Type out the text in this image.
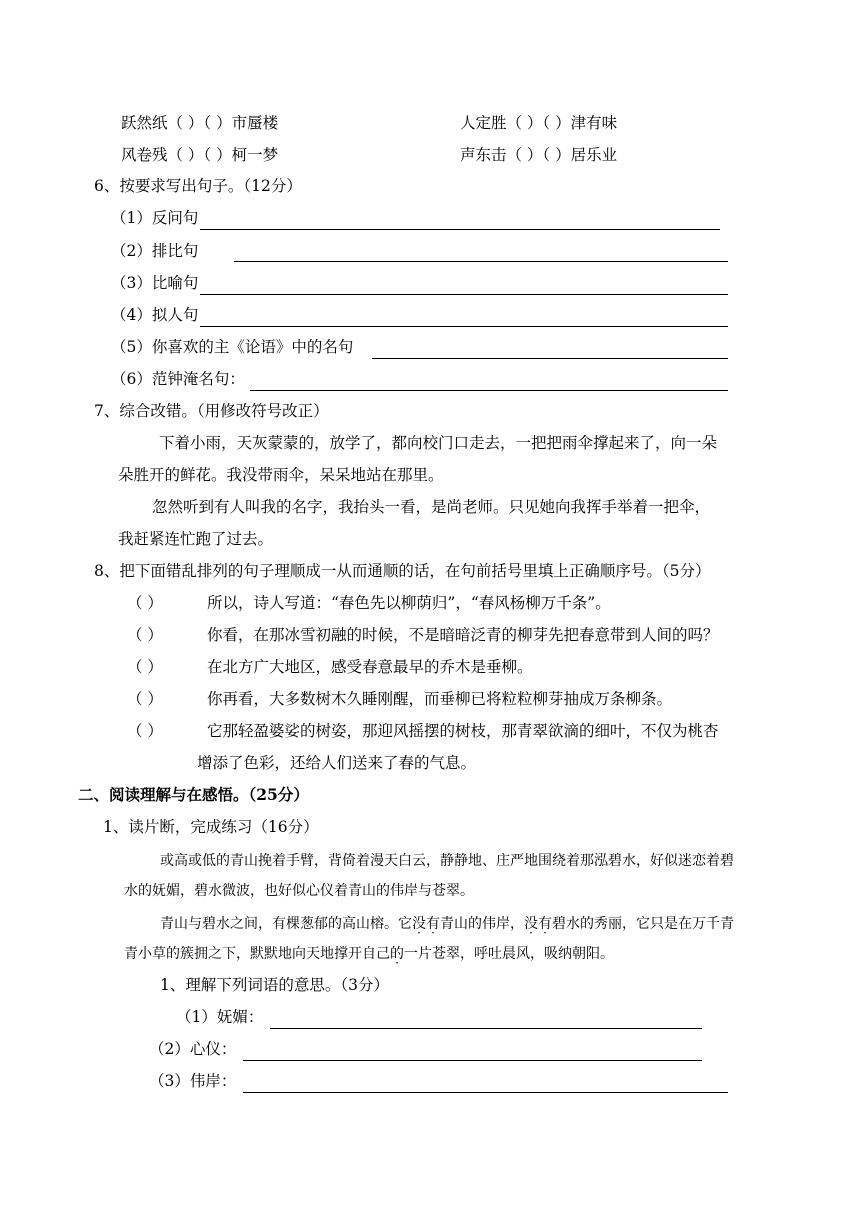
跃然纸（ ）（ ）市蜃楼	人定胜（ ）（ ）津有味
风卷残（ ）（ ）柯一梦	声东击（ ）（ ）居乐业
6、按要求写出句子。（12分）
（1）反问句
（2）排比句
（3）比喻句
（4）拟人句
（5）你喜欢的主《论语》中的名句
（6）范钟淹名句：
7、综合改错。（用修改符号改正）
下着小雨，天灰蒙蒙的，放学了，都向校门口走去，一把把雨伞撑起来了，向一朵
朵胜开的鲜花。我没带雨伞，呆呆地站在那里。
忽然听到有人叫我的名字，我抬头一看，是尚老师。只见她向我挥手举着一把伞，
我赶紧连忙跑了过去。
8、把下面错乱排列的句子理顺成一从而通顺的话，在句前括号里填上正确顺序号。（5分）
（ ）	所以，诗人写道：“春色先以柳荫归”，“春风杨柳万千条”。
（ ）	你看，在那冰雪初融的时候，不是暗暗泛青的柳芽先把春意带到人间的吗？
（ ）	在北方广大地区，感受春意最早的乔木是垂柳。
（ ）	你再看，大多数树木久睡刚醒，而垂柳已将粒粒柳芽抽成万条柳条。
（ ）	它那轻盈婆娑的树姿，那迎风摇摆的树枝，那青翠欲滴的细叶，不仅为桃杏
增添了色彩，还给人们送来了春的气息。
二、阅读理解与在感悟。（25分）
1、读片断，完成练习（16分）
或高或低的青山挽着手臂，背倚着漫天白云，静静地、庄严地围绕着那泓碧水，好似迷恋着碧
水的妩媚，碧水微波，也好似心仪着青山的伟岸与苍翠。
青山与碧水之间，有棵葱郁的高山榕。它没有青山的伟岸，没有碧水的秀丽，它只是在万千青
青小草的簇拥之下，默默地向天地撑开自己的一片苍翠，呼吐晨风，吸纳朝阳。
1、理解下列词语的意思。（3分）
（1）妩媚：
（2）心仪：
（3）伟岸：
